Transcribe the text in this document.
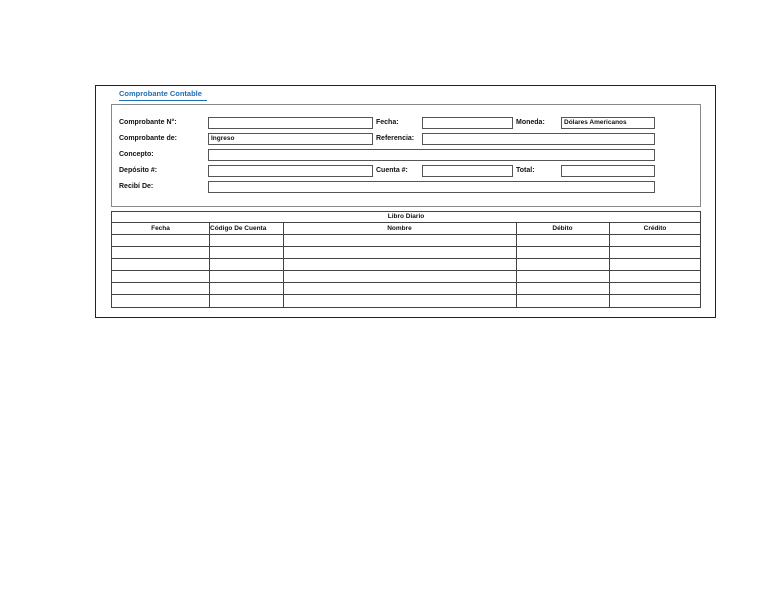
Comprobante Contable
Comprobante N°:	Fecha:	Moneda:	Dólares Americanos
Comprobante de:	Ingreso	Referencia:
Concepto:
Depósito #:	Cuenta #:	Total:
Recibí De:
Libro Diario
Fecha	Código De Cuenta	Nombre	Débito	Crédito
